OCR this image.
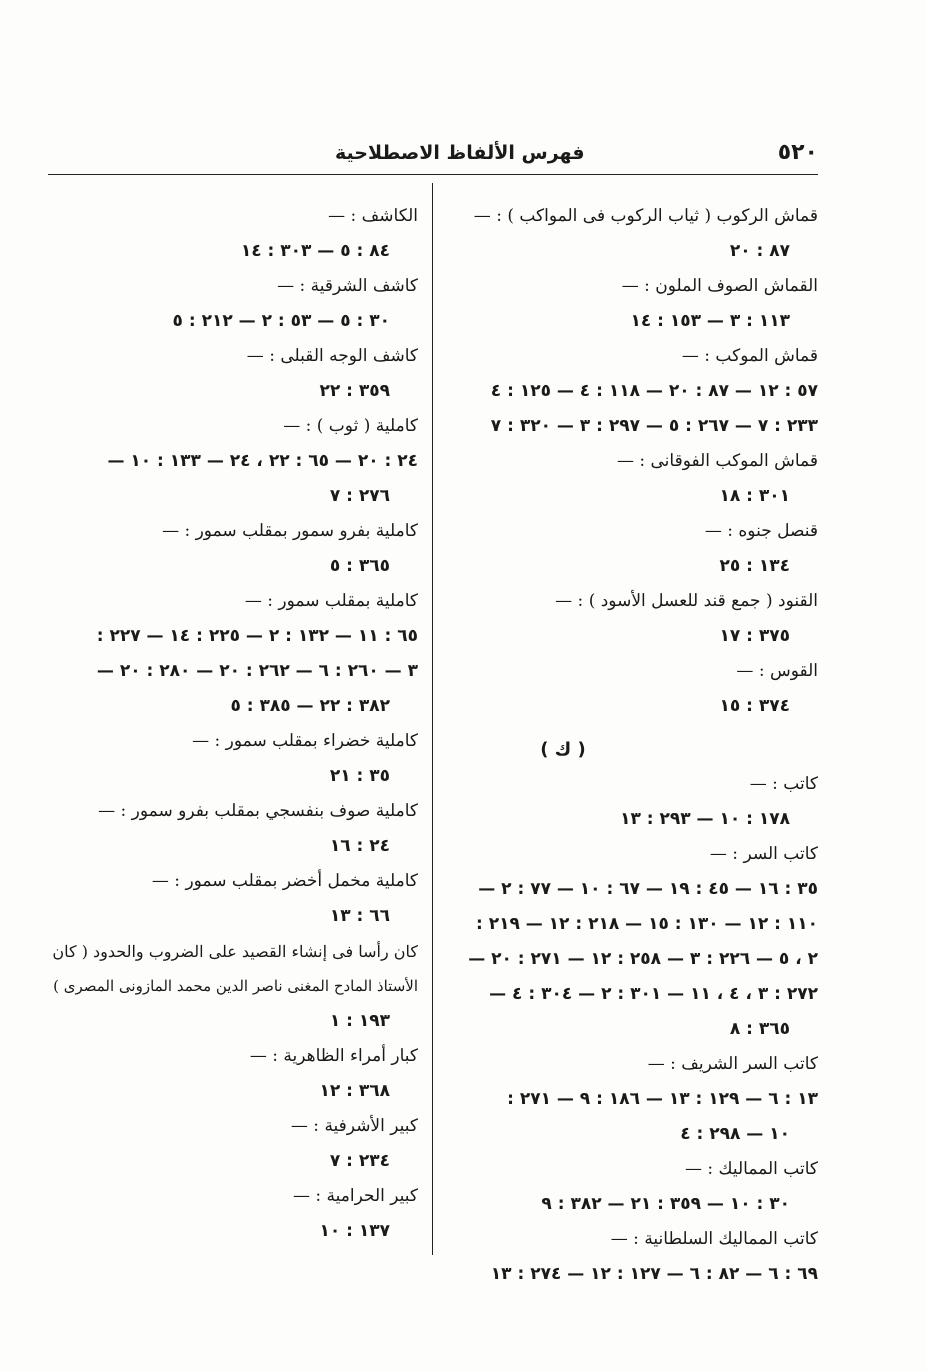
٥٢٠
فهرس الألفاظ الاصطلاحية
قماش الركوب ( ثياب الركوب فى المواكب ) : —
٨٧ : ٢٠
القماش الصوف الملون : —
١١٣ : ٣ — ١٥٣ : ١٤
قماش الموكب : —
٥٧ : ١٢ — ٨٧ : ٢٠ — ١١٨ : ٤ — ١٢٥ : ٤
٢٣٣ : ٧ — ٢٦٧ : ٥ — ٢٩٧ : ٣ — ٣٢٠ : ٧
قماش الموكب الفوقانى : —
٣٠١ : ١٨
قنصل جنوه : —
١٣٤ : ٢٥
القنود ( جمع قند للعسل الأسود ) : —
٣٧٥ : ١٧
القوس : —
٣٧٤ : ١٥
( ك )
كاتب : —
١٧٨ : ١٠ — ٢٩٣ : ١٣
كاتب السر : —
٣٥ : ١٦ — ٤٥ : ١٩ — ٦٧ : ١٠ — ٧٧ : ٢ —
١١٠ : ١٢ — ١٣٠ : ١٥ — ٢١٨ : ١٢ — ٢١٩ :
٢ ، ٥ — ٢٢٦ : ٣ — ٢٥٨ : ١٢ — ٢٧١ : ٢٠ —
٢٧٢ : ٣ ، ٤ ، ١١ — ٣٠١ : ٢ — ٣٠٤ : ٤ —
٣٦٥ : ٨
كاتب السر الشريف : —
١٣ : ٦ — ١٢٩ : ١٣ — ١٨٦ : ٩ — ٢٧١ :
١٠ — ٢٩٨ : ٤
كاتب المماليك : —
٣٠ : ١٠ — ٣٥٩ : ٢١ — ٣٨٢ : ٩
كاتب المماليك السلطانية : —
٦٩ : ٦ — ٨٢ : ٦ — ١٢٧ : ١٢ — ٢٧٤ : ١٣
الكاشف : —
٨٤ : ٥ — ٣٠٣ : ١٤
كاشف الشرقية : —
٣٠ : ٥ — ٥٣ : ٢ — ٢١٢ : ٥
كاشف الوجه القبلى : —
٣٥٩ : ٢٢
كاملية ( ثوب ) : —
٢٤ : ٢٠ — ٦٥ : ٢٢ ، ٢٤ — ١٣٣ : ١٠ —
٢٧٦ : ٧
كاملية بفرو سمور بمقلب سمور : —
٣٦٥ : ٥
كاملية بمقلب سمور : —
٦٥ : ١١ — ١٣٢ : ٢ — ٢٢٥ : ١٤ — ٢٢٧ :
٣ — ٢٦٠ : ٦ — ٢٦٢ : ٢٠ — ٢٨٠ : ٢٠ —
٣٨٢ : ٢٢ — ٣٨٥ : ٥
كاملية خضراء بمقلب سمور : —
٣٥ : ٢١
كاملية صوف بنفسجي بمقلب بفرو سمور : —
٢٤ : ١٦
كاملية مخمل أخضر بمقلب سمور : —
٦٦ : ١٣
كان رأسا فى إنشاء القصيد على الضروب والحدود ( كان
الأستاذ المادح المغنى ناصر الدين محمد المازونى المصرى )
١٩٣ : ١
كبار أمراء الظاهرية : —
٣٦٨ : ١٢
كبير الأشرفية : —
٢٣٤ : ٧
كبير الحرامية : —
١٣٧ : ١٠
